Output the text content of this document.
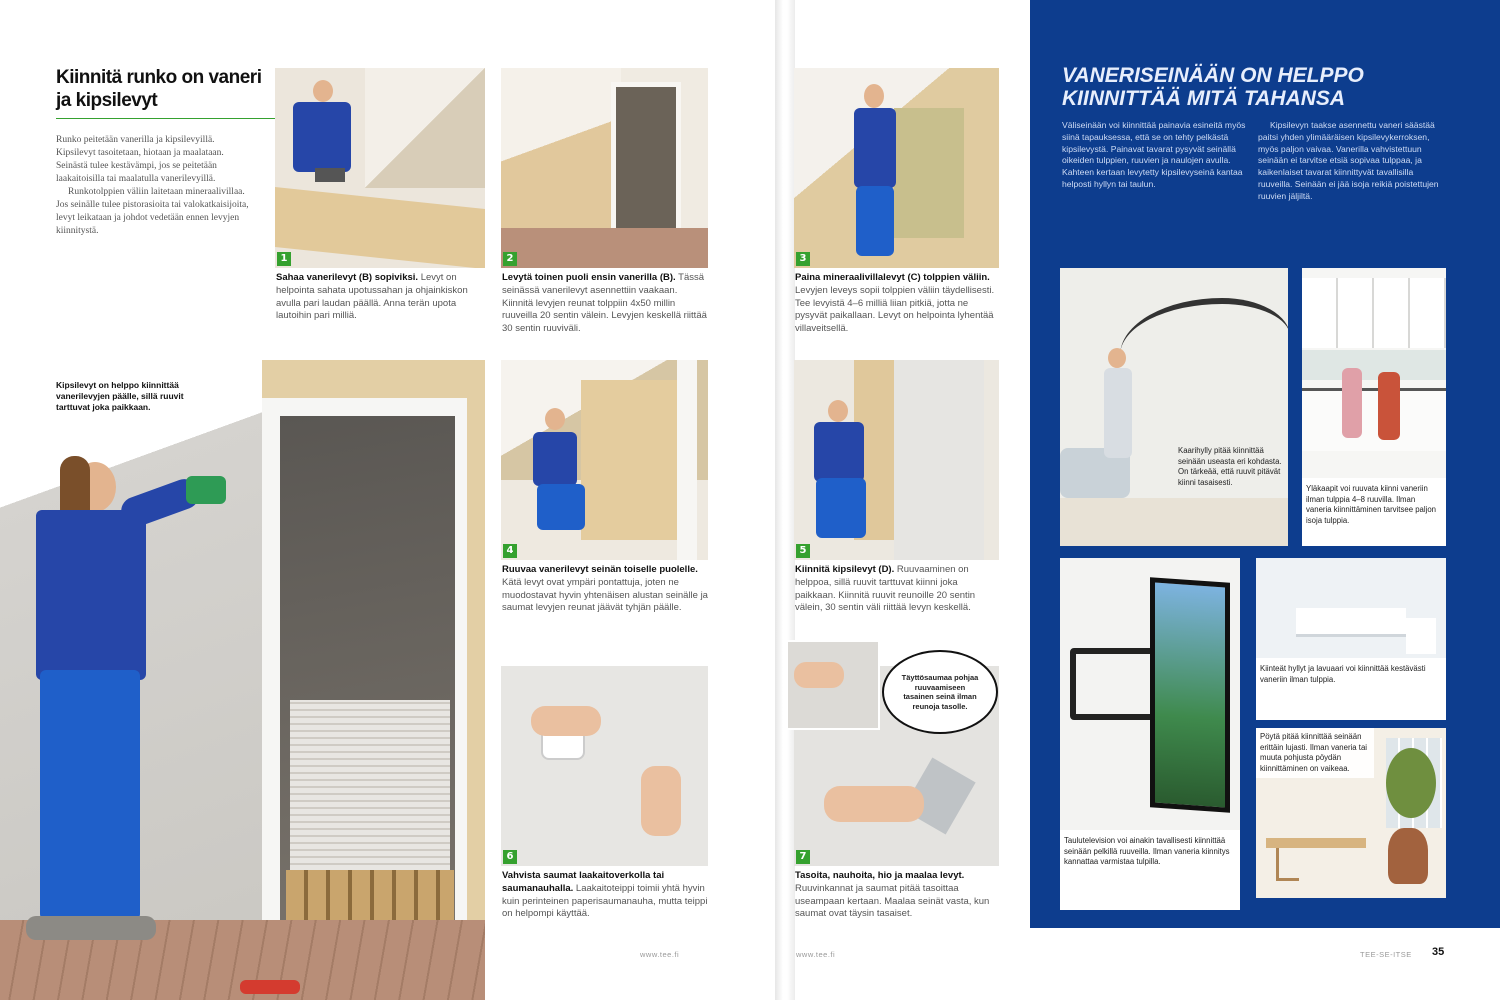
Kiinnitä runko on vaneri ja kipsilevyt
Runko peitetään vanerilla ja kipsilevyillä. Kipsilevyt tasoitetaan, hiotaan ja maalataan. Seinästä tulee kestävämpi, jos se peitetään laakaitoisilla tai maalatulla vanerilevyillä.
Runkotolppien väliin laitetaan mineraalivillaa. Jos seinälle tulee pistorasioita tai valokatkaisijoita, levyt leikataan ja johdot vedetään ennen levyjen kiinnitystä.
1
Sahaa vanerilevyt (B) sopiviksi. Levyt on helpointa sahata upotussahan ja ohjainkiskon avulla pari laudan päällä. Anna terän upota lautoihin pari milliä.
2
Levytä toinen puoli ensin vanerilla (B). Tässä seinässä vanerilevyt asennettiin vaakaan. Kiinnitä levyjen reunat tolppiin 4x50 millin ruuveilla 20 sentin välein. Levyjen keskellä riittää 30 sentin ruuviväli.
Kipsilevyt on helppo kiinnittää vanerilevyjen päälle, sillä ruuvit tarttuvat joka paikkaan.
4
Ruuvaa vanerilevyt seinän toiselle puolelle. Kätä levyt ovat ympäri pontattuja, joten ne muodostavat hyvin yhtenäisen alustan seinälle ja saumat levyjen reunat jäävät tyhjän päälle.
6
Vahvista saumat laakaitoverkolla tai saumanauhalla. Laakaitoteippi toimii yhtä hyvin kuin perinteinen paperisaumanauha, mutta teippi on helpompi käyttää.
www.tee.fi
3
Paina mineraalivillalevyt (C) tolppien väliin. Levyjen leveys sopii tolppien väliin täydellisesti. Tee levyistä 4–6 milliä liian pitkiä, jotta ne pysyvät paikallaan. Levyt on helpointa lyhentää villaveitsellä.
5
Kiinnitä kipsilevyt (D). Ruuvaaminen on helppoa, sillä ruuvit tarttuvat kiinni joka paikkaan. Kiinnitä ruuvit reunoille 20 sentin välein, 30 sentin väli riittää levyn keskellä.
7
Täyttösaumaa pohjaa ruuvaamiseen tasainen seinä ilman reunoja tasolle.
Tasoita, nauhoita, hio ja maalaa levyt. Ruuvinkannat ja saumat pitää tasoittaa useampaan kertaan. Maalaa seinät vasta, kun saumat ovat täysin tasaiset.
www.tee.fi
VANERISEINÄÄN ON HELPPO
KIINNITTÄÄ MITÄ TAHANSA
Väliseinään voi kiinnittää painavia esineitä myös siinä tapauksessa, että se on tehty pelkästä kipsilevystä. Painavat tavarat pysyvät seinällä oikeiden tulppien, ruuvien ja naulojen avulla. Kahteen kertaan levytetty kipsilevyseinä kantaa helposti hyllyn tai taulun.
Kipsilevyn taakse asennettu vaneri säästää paitsi yhden ylimääräisen kipsilevykerroksen, myös paljon vaivaa. Vanerilla vahvistettuun seinään ei tarvitse etsiä sopivaa tulppaa, ja kaikenlaiset tavarat kiinnittyvät tavallisilla ruuveilla. Seinään ei jää isoja reikiä poistettujen ruuvien jäljiltä.
Kaarihylly pitää kiinnittää seinään useasta eri kohdasta. On tärkeää, että ruuvit pitävät kiinni tasaisesti.
Yläkaapit voi ruuvata kiinni vaneriin ilman tulppia 4–8 ruuvilla. Ilman vaneria kiinnittäminen tarvitsee paljon isoja tulppia.
Taulutelevision voi ainakin tavallisesti kiinnittää seinään pelkillä ruuveilla. Ilman vaneria kiinnitys kannattaa varmistaa tulpilla.
Kiinteät hyllyt ja lavuaari voi kiinnittää kestävästi vaneriin ilman tulppia.
Pöytä pitää kiinnittää seinään erittäin lujasti. Ilman vaneria tai muuta pohjusta pöydän kiinnittäminen on vaikeaa.
TEE-SE-ITSE 35
